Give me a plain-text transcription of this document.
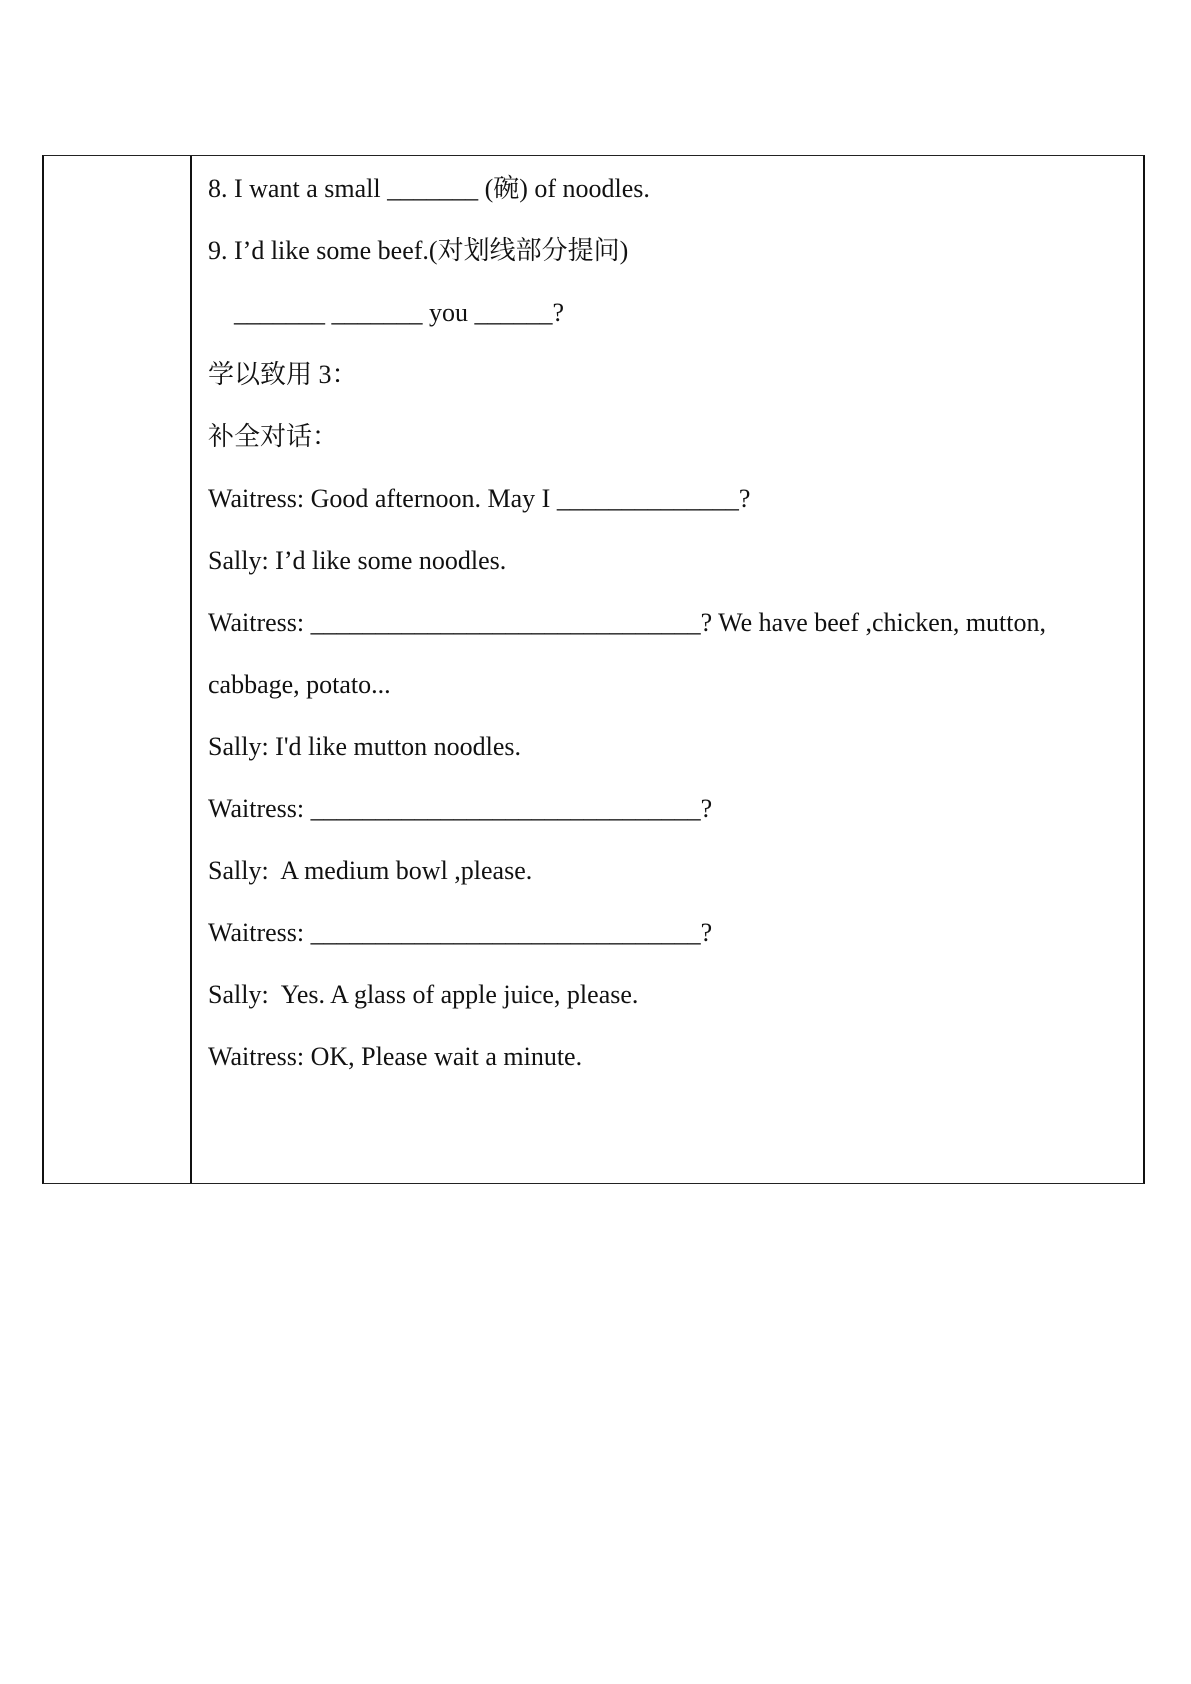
8. I want a small _______ (碗) of noodles.
9. I’d like some beef.(对划线部分提问)
_______ _______ you ______?
学以致用 3：
补全对话：
Waitress: Good afternoon. May I ______________?
Sally: I’d like some noodles.
Waitress: ______________________________? We have beef ,chicken, mutton,
cabbage, potato...
Sally: I'd like mutton noodles.
Waitress: ______________________________?
Sally:  A medium bowl ,please.
Waitress: ______________________________?
Sally:  Yes. A glass of apple juice, please.
Waitress: OK, Please wait a minute.
